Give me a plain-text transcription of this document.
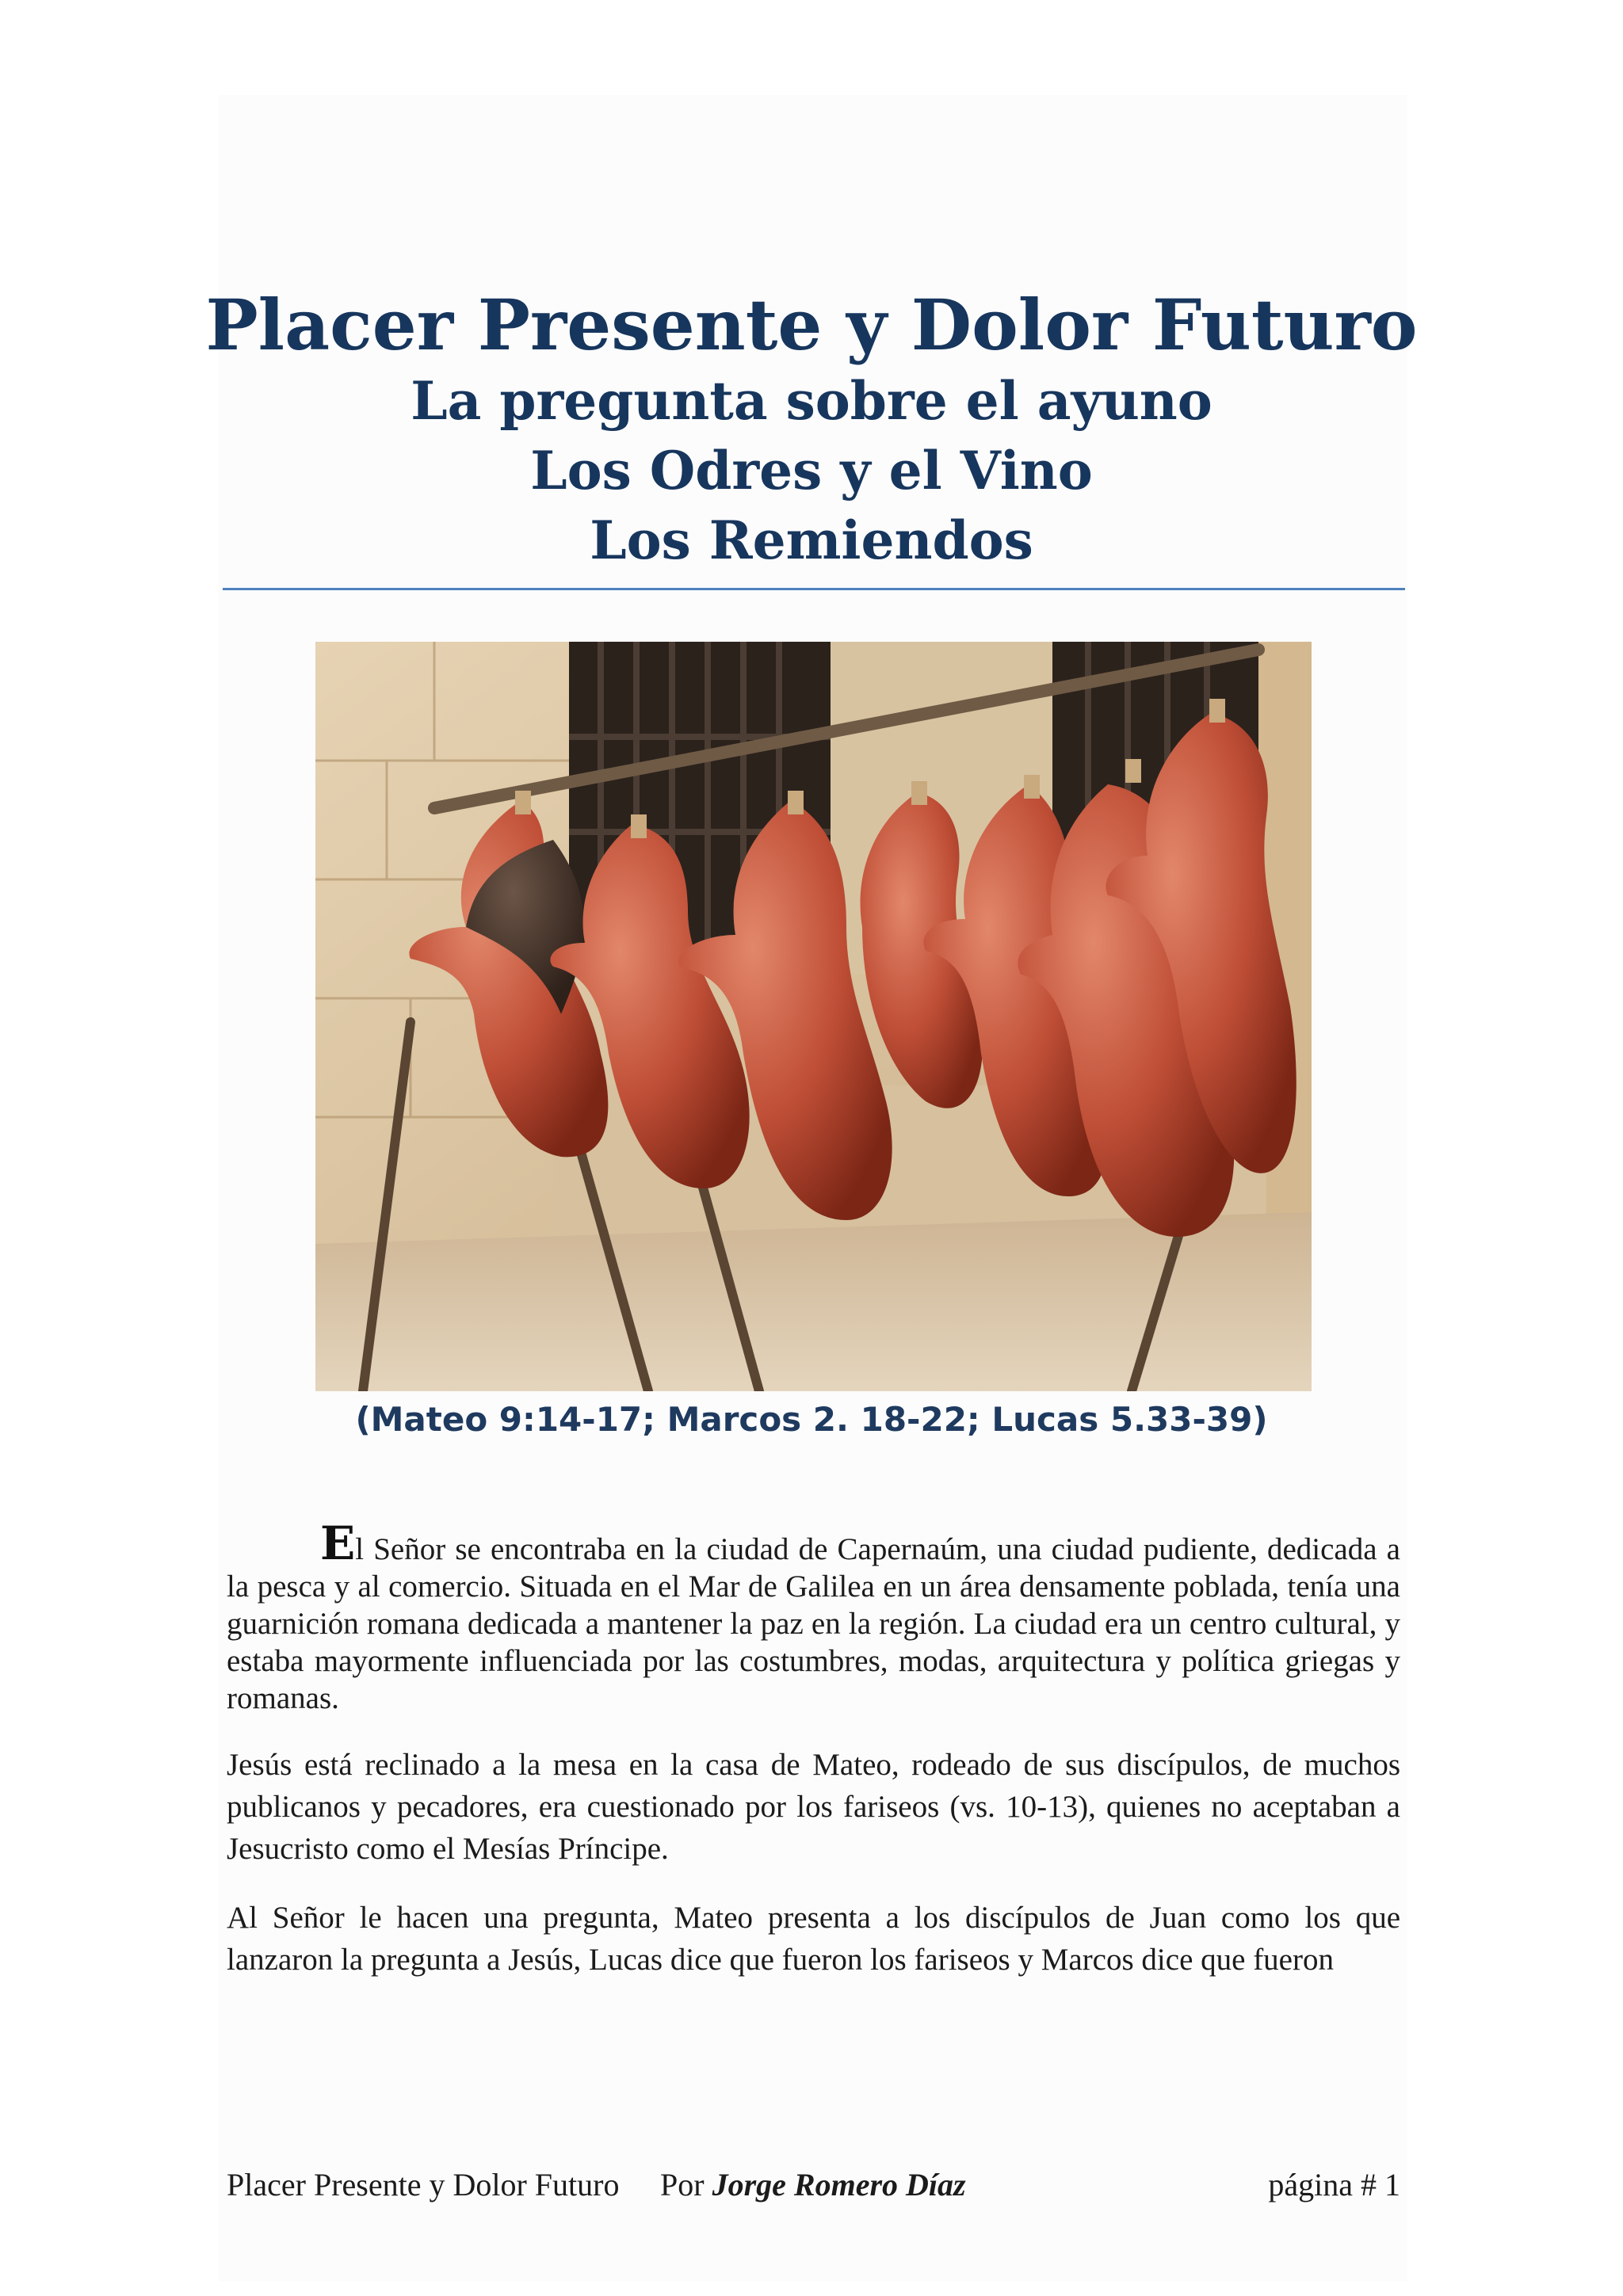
Placer Presente y Dolor Futuro
La pregunta sobre el ayuno
Los Odres y el Vino
Los Remiendos
(Mateo 9:14-17; Marcos 2. 18-22; Lucas 5.33-39)

El Señor se encontraba en la ciudad de Capernaúm, una ciudad pudiente, dedicada a la pesca y al comercio. Situada en el Mar de Galilea en un área densamente poblada, tenía una guarnición romana dedicada a mantener la paz en la región. La ciudad era un centro cultural, y estaba mayormente influenciada por las costumbres, modas, arquitectura y política griegas y romanas.

Jesús está reclinado a la mesa en la casa de Mateo, rodeado de sus discípulos, de muchos publicanos y pecadores, era cuestionado por los fariseos (vs. 10-13), quienes no aceptaban a Jesucristo como el Mesías Príncipe.

Al Señor le hacen una pregunta, Mateo presenta a los discípulos de Juan como los que lanzaron la pregunta a Jesús, Lucas dice que fueron los fariseos y Marcos dice que fueron

Placer Presente y Dolor Futuro Por Jorge Romero Díaz	página # 1
